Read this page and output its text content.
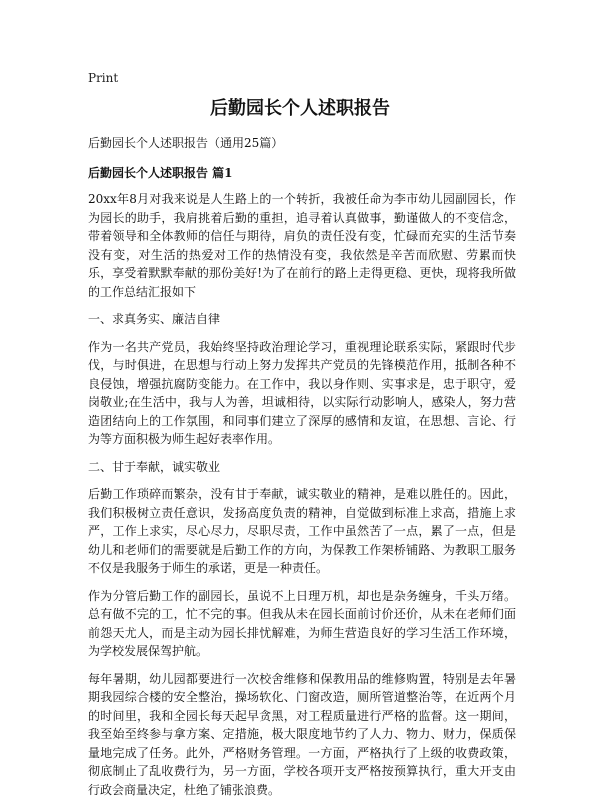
Print
后勤园长个人述职报告

后勤园长个人述职报告（通用25篇）

后勤园长个人述职报告 篇1

20xx年8月对我来说是人生路上的一个转折，我被任命为李市幼儿园副园长，作为园长的助手，我肩挑着后勤的重担，追寻着认真做事，勤谨做人的不变信念，带着领导和全体教师的信任与期待，肩负的责任没有变，忙碌而充实的生活节奏没有变，对生活的热爱对工作的热情没有变，我依然是辛苦而欣慰、劳累而快乐，享受着默默奉献的那份美好!为了在前行的路上走得更稳、更快，现将我所做的工作总结汇报如下

一、求真务实、廉洁自律

作为一名共产党员，我始终坚持政治理论学习，重视理论联系实际，紧跟时代步伐，与时俱进，在思想与行动上努力发挥共产党员的先锋模范作用，抵制各种不良侵蚀，增强抗腐防变能力。在工作中，我以身作则、实事求是，忠于职守，爱岗敬业;在生活中，我与人为善，坦诚相待，以实际行动影响人，感染人，努力营造团结向上的工作氛围，和同事们建立了深厚的感情和友谊，在思想、言论、行为等方面积极为师生起好表率作用。

二、甘于奉献，诚实敬业

后勤工作琐碎而繁杂，没有甘于奉献，诚实敬业的精神，是难以胜任的。因此，我们积极树立责任意识，发扬高度负责的精神，自觉做到标准上求高，措施上求严，工作上求实，尽心尽力，尽职尽责，工作中虽然苦了一点，累了一点，但是幼儿和老师们的需要就是后勤工作的方向，为保教工作架桥铺路、为教职工服务不仅是我服务于师生的承诺，更是一种责任。

作为分管后勤工作的副园长，虽说不上日理万机，却也是杂务缠身，千头万绪。总有做不完的工，忙不完的事。但我从未在园长面前讨价还价，从未在老师们面前怨天尤人，而是主动为园长排忧解难，为师生营造良好的学习生活工作环境，为学校发展保驾护航。

每年暑期，幼儿园都要进行一次校舍维修和保教用品的维修购置，特别是去年暑期我园综合楼的安全整治，操场软化、门窗改造，厕所管道整治等，在近两个月的时间里，我和全园长每天起早贪黑，对工程质量进行严格的监督。这一期间，我至始至终参与拿方案、定措施，极大限度地节约了人力、物力、财力，保质保量地完成了任务。此外，严格财务管理。一方面，严格执行了上级的收费政策，彻底制止了乱收费行为，另一方面，学校各项开支严格按预算执行，重大开支由行政会商量决定，杜绝了铺张浪费。
